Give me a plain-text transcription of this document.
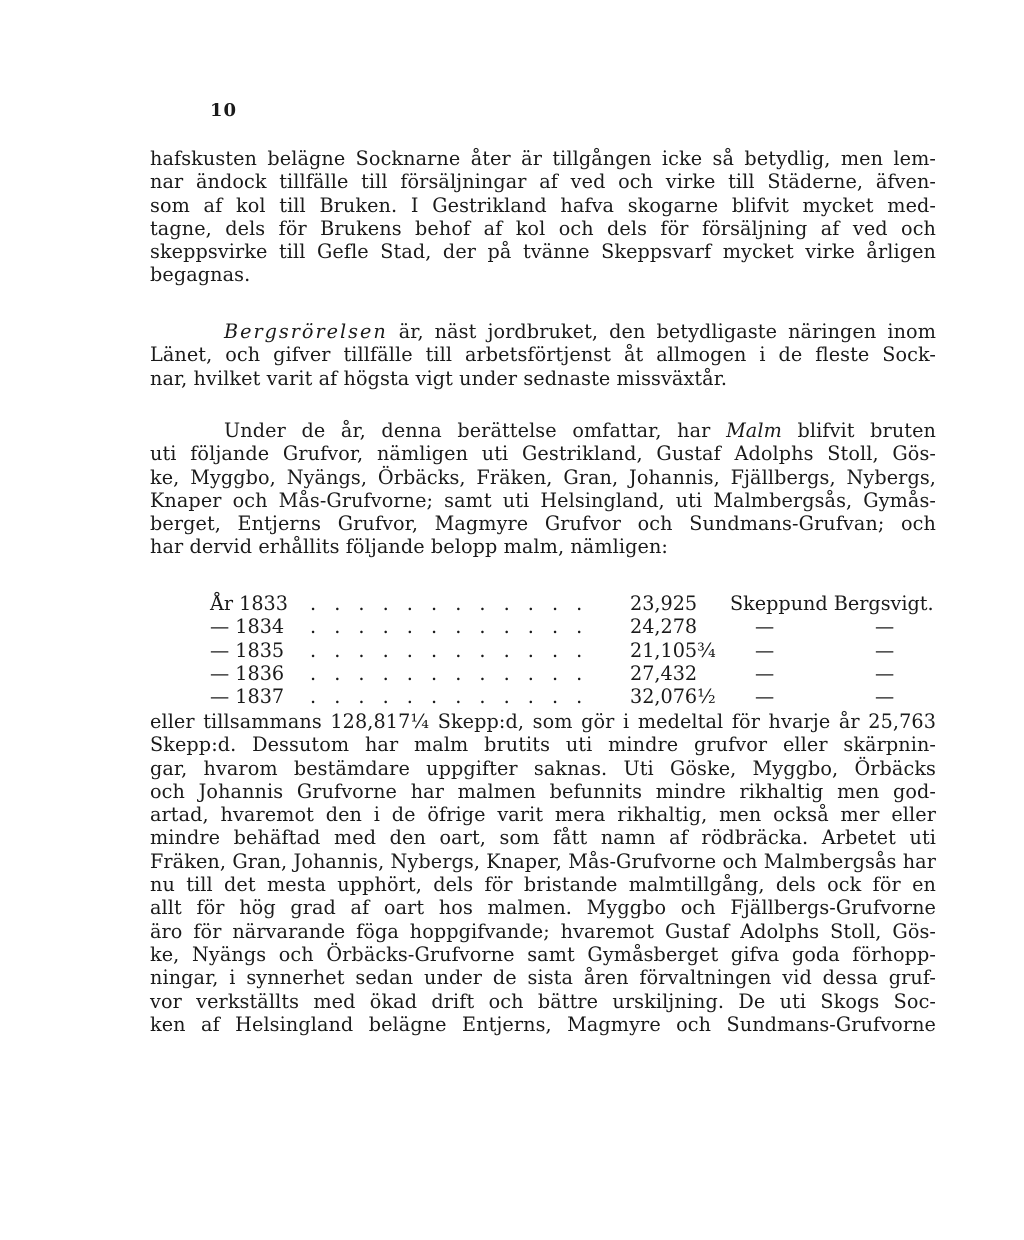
10
hafskusten belägne Socknarne åter är tillgången icke så betydlig, men lem-
nar ändock tillfälle till försäljningar af ved och virke till Städerne, äfven-
som af kol till Bruken. I Gestrikland hafva skogarne blifvit mycket med-
tagne, dels för Brukens behof af kol och dels för försäljning af ved och
skeppsvirke till Gefle Stad, der på tvänne Skeppsvarf mycket virke årligen
begagnas.
Bergsrörelsen är, näst jordbruket, den betydligaste näringen inom
Länet, och gifver tillfälle till arbetsförtjenst åt allmogen i de fleste Sock-
nar, hvilket varit af högsta vigt under sednaste missväxtår.
Under de år, denna berättelse omfattar, har Malm blifvit bruten
uti följande Grufvor, nämligen uti Gestrikland, Gustaf Adolphs Stoll, Gös-
ke, Myggbo, Nyängs, Örbäcks, Fräken, Gran, Johannis, Fjällbergs, Nybergs,
Knaper och Mås-Grufvorne; samt uti Helsingland, uti Malmbergsås, Gymås-
berget, Entjerns Grufvor, Magmyre Grufvor och Sundmans-Grufvan; och
har dervid erhållits följande belopp malm, nämligen:
År 1833 . . . . . . . . . . . . 23,925 Skeppund Bergsvigt.
— 1834 . . . . . . . . . . . . 24,278	—	—
— 1835 . . . . . . . . . . . . 21,105¾ —	—
— 1836 . . . . . . . . . . . . 27,432	—	—
— 1837 . . . . . . . . . . . . 32,076½ —	—
eller tillsammans 128,817¼ Skepp:d, som gör i medeltal för hvarje år 25,763
Skepp:d. Dessutom har malm brutits uti mindre grufvor eller skärpnin-
gar, hvarom bestämdare uppgifter saknas. Uti Göske, Myggbo, Örbäcks
och Johannis Grufvorne har malmen befunnits mindre rikhaltig men god-
artad, hvaremot den i de öfrige varit mera rikhaltig, men också mer eller
mindre behäftad med den oart, som fått namn af rödbräcka. Arbetet uti
Fräken, Gran, Johannis, Nybergs, Knaper, Mås-Grufvorne och Malmbergsås har
nu till det mesta upphört, dels för bristande malmtillgång, dels ock för en
allt för hög grad af oart hos malmen. Myggbo och Fjällbergs-Grufvorne
äro för närvarande föga hoppgifvande; hvaremot Gustaf Adolphs Stoll, Gös-
ke, Nyängs och Örbäcks-Grufvorne samt Gymåsberget gifva goda förhopp-
ningar, i synnerhet sedan under de sista åren förvaltningen vid dessa gruf-
vor verkställts med ökad drift och bättre urskiljning. De uti Skogs Soc-
ken af Helsingland belägne Entjerns, Magmyre och Sundmans-Grufvorne
